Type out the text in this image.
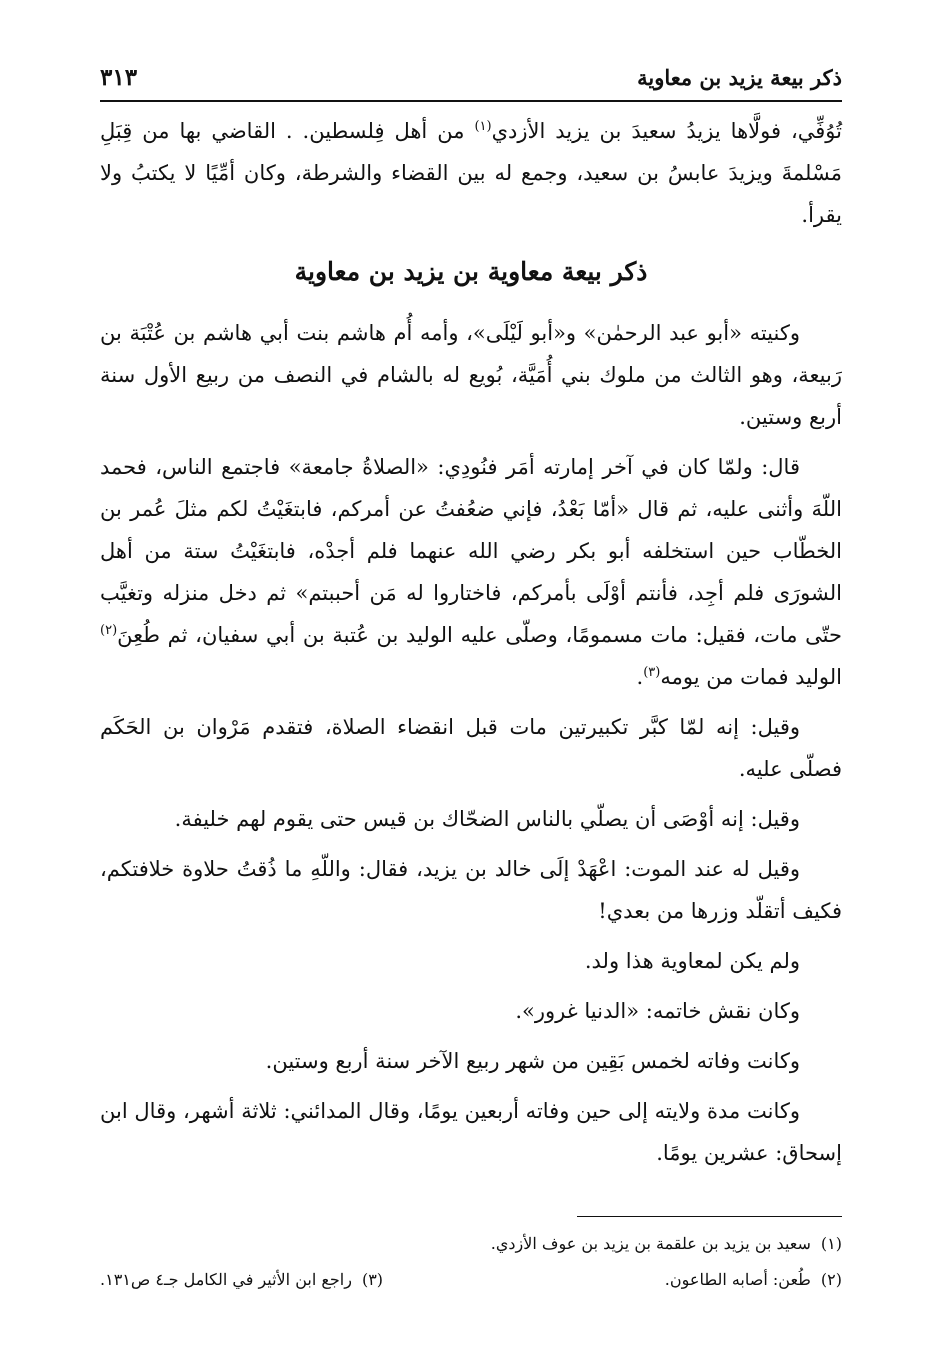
ذكر بيعة يزيد بن معاوية
٣١٣

تُوُفِّي، فولَّاها يزيدُ سعيدَ بن يزيد الأزدي$^{(١)}$ من أهل فِلسطين. . القاضي بها من قِبَلِ مَسْلمةَ ويزيدَ عابسُ بن سعيد، وجمع له بين القضاء والشرطة، وكان أمِّيًا لا يكتبُ ولا يقرأ.

ذكر بيعة معاوية بن يزيد بن معاوية

وكنيته «أبو عبد الرحمٰن» و«أبو لَيْلَى»، وأمه أُم هاشم بنت أبي هاشم بن عُتْبَة بن رَبيعة، وهو الثالث من ملوك بني أُمَيَّة، بُويع له بالشام في النصف من ربيع الأول سنة أربع وستين.

قال: ولمّا كان في آخر إمارته أمَر فنُودِي: «الصلاةُ جامعة» فاجتمع الناس، فحمد اللّهَ وأثنى عليه، ثم قال «أمّا بَعْدُ، فإني ضعُفتُ عن أمركم، فابتغَيْتُ لكم مثلَ عُمر بن الخطّاب حين استخلفه أبو بكر رضي الله عنهما فلم أجدْه، فابتغَيْتُ ستة من أهل الشورَى فلم أجِد، فأنتم أوْلَى بأمركم، فاختاروا له مَن أحببتم» ثم دخل منزله وتغيَّب حتّى مات، فقيل: مات مسمومًا، وصلّى عليه الوليد بن عُتبة بن أبي سفيان، ثم طُعِنَ$^{(٢)}$ الوليد فمات من يومه$^{(٣)}$.

وقيل: إنه لمّا كبَّر تكبيرتين مات قبل انقضاء الصلاة، فتقدم مَرْوان بن الحَكَم فصلّى عليه.

وقيل: إنه أوْصَى أن يصلّي بالناس الضحّاك بن قيس حتى يقوم لهم خليفة.

وقيل له عند الموت: اعْهَدْ إلَى خالد بن يزيد، فقال: واللّهِ ما ذُقتُ حلاوة خلافتكم، فكيف أتقلّد وزرها من بعدي!

ولم يكن لمعاوية هذا ولد.

وكان نقش خاتمه: «الدنيا غرور».

وكانت وفاته لخمس بَقِين من شهر ربيع الآخر سنة أربع وستين.

وكانت مدة ولايته إلى حين وفاته أربعين يومًا، وقال المدائني: ثلاثة أشهر، وقال ابن إسحاق: عشرين يومًا.

(١)سعيد بن يزيد بن علقمة بن يزيد بن عوف الأزدي.
(٢)طُعن: أصابه الطاعون.
(٣)راجع ابن الأثير في الكامل جـ٤ ص١٣١.
